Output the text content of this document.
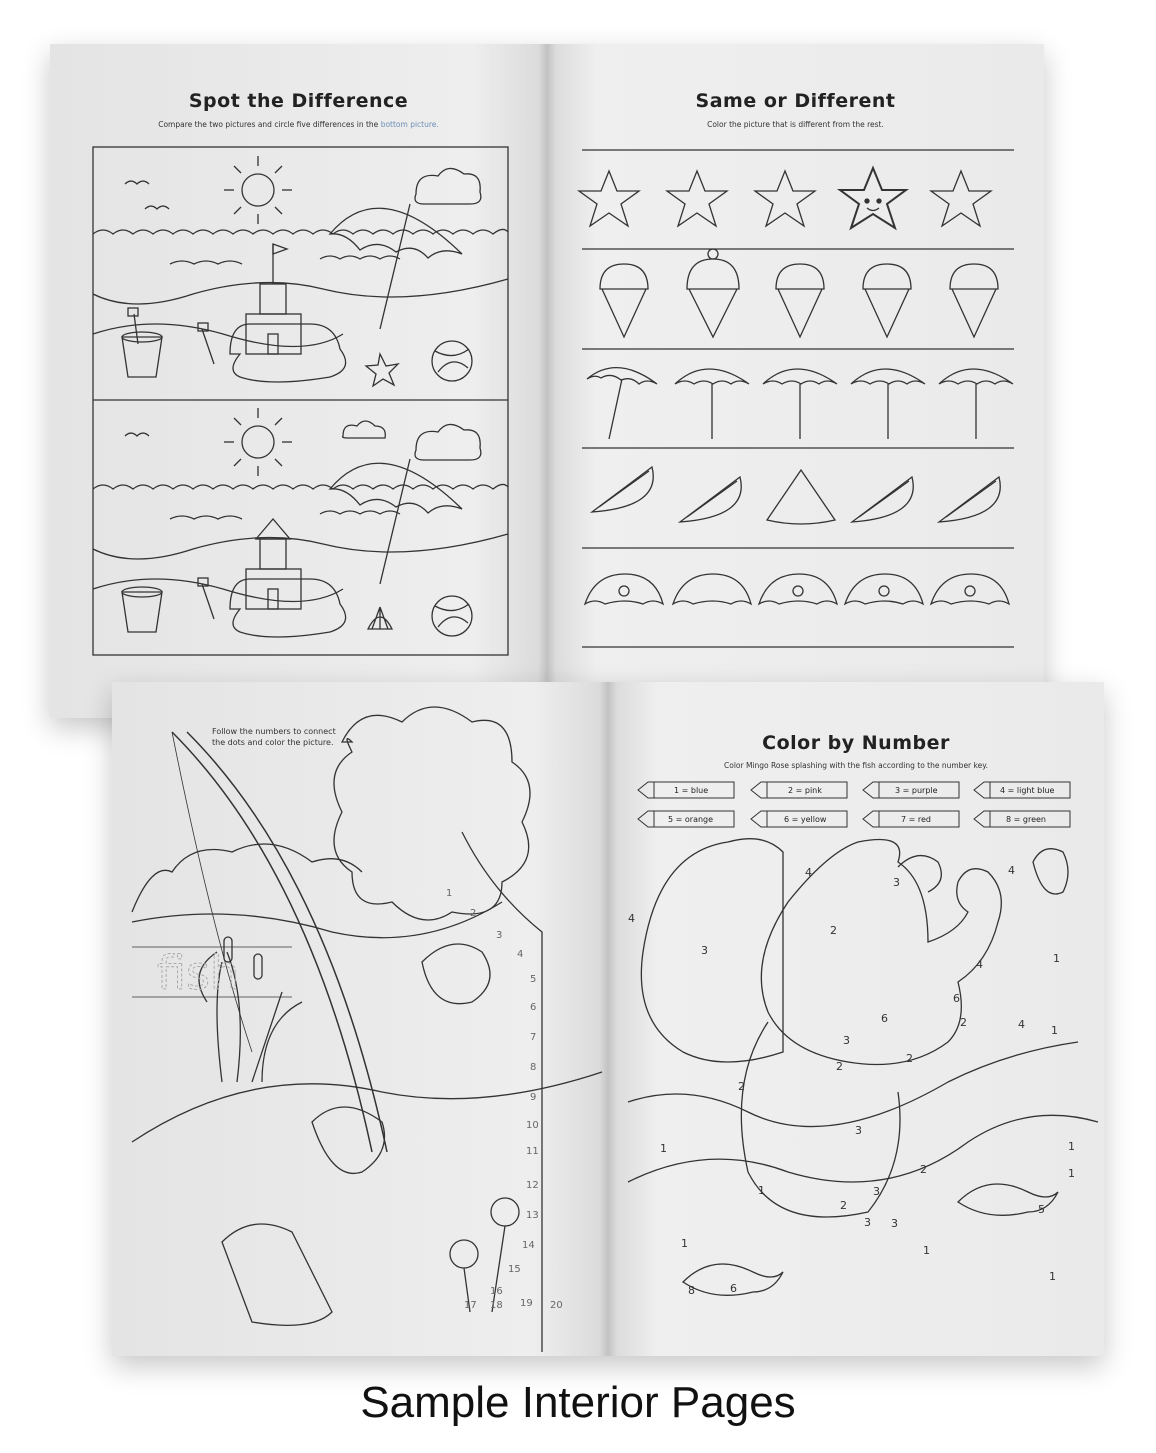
Spot the Difference
Compare the two pictures and circle five differences in the bottom picture.
Same or Different
Color the picture that is different from the rest.
Follow the numbers to connect
the dots and color the picture.
fish
1
2
3
4
5
6
7
8
9
10
11
12
13
14
15
16
17 18 19 20
Color by Number
Color Mingo Rose splashing with the fish according to the number key.
1 = blue	2 = pink	3 = purple	4 = light blue
5 = orange	6 = yellow	7 = red	8 = green
4
3
4
4
3
2
4
6
6	2	4 1
3
2
2
2
3
2
1
1
2
3
3
3
1
1
5
1
1
1
8	6
1
Sample Interior Pages
